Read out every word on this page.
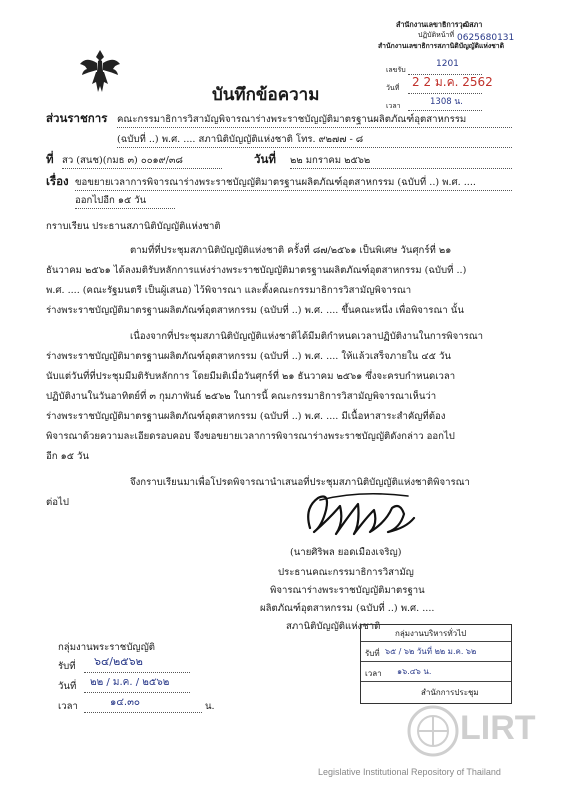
บันทึกข้อความ
สำนักงานเลขาธิการวุฒิสภา
ปฏิบัติหน้าที่
สำนักงานเลขาธิการสภานิติบัญญัติแห่งชาติ
0625680131
เลขรับ
1201
วันที่ 2 2 ม.ค. 2562
เวลา	1308 น.
ส่วนราชการ คณะกรรมาธิการวิสามัญพิจารณาร่างพระราชบัญญัติมาตรฐานผลิตภัณฑ์อุตสาหกรรม
(ฉบับที่ ..) พ.ศ. .... สภานิติบัญญัติแห่งชาติ โทร. ๙๒๗๗ - ๘
ที่ สว (สนช)(กมธ ๓) ๐๐๑๙/๓๘	วันที่ ๒๒ มกราคม ๒๕๖๒
เรื่อง ขอขยายเวลาการพิจารณาร่างพระราชบัญญัติมาตรฐานผลิตภัณฑ์อุตสาหกรรม (ฉบับที่ ..) พ.ศ. ....
ออกไปอีก ๑๕ วัน
กราบเรียน ประธานสภานิติบัญญัติแห่งชาติ
ตามที่ที่ประชุมสภานิติบัญญัติแห่งชาติ ครั้งที่ ๘๗/๒๕๖๑ เป็นพิเศษ วันศุกร์ที่ ๒๑
ธันวาคม ๒๕๖๑ ได้ลงมติรับหลักการแห่งร่างพระราชบัญญัติมาตรฐานผลิตภัณฑ์อุตสาหกรรม (ฉบับที่ ..)
พ.ศ. .... (คณะรัฐมนตรี เป็นผู้เสนอ) ไว้พิจารณา และตั้งคณะกรรมาธิการวิสามัญพิจารณา
ร่างพระราชบัญญัติมาตรฐานผลิตภัณฑ์อุตสาหกรรม (ฉบับที่ ..) พ.ศ. .... ขึ้นคณะหนึ่ง เพื่อพิจารณา นั้น
เนื่องจากที่ประชุมสภานิติบัญญัติแห่งชาติได้มีมติกำหนดเวลาปฏิบัติงานในการพิจารณา
ร่างพระราชบัญญัติมาตรฐานผลิตภัณฑ์อุตสาหกรรม (ฉบับที่ ..) พ.ศ. .... ให้แล้วเสร็จภายใน ๔๕ วัน
นับแต่วันที่ที่ประชุมมีมติรับหลักการ โดยมีมติเมื่อวันศุกร์ที่ ๒๑ ธันวาคม ๒๕๖๑ ซึ่งจะครบกำหนดเวลา
ปฏิบัติงานในวันอาทิตย์ที่ ๓ กุมภาพันธ์ ๒๕๖๒ ในการนี้ คณะกรรมาธิการวิสามัญพิจารณาเห็นว่า
ร่างพระราชบัญญัติมาตรฐานผลิตภัณฑ์อุตสาหกรรม (ฉบับที่ ..) พ.ศ. .... มีเนื้อหาสาระสำคัญที่ต้อง
พิจารณาด้วยความละเอียดรอบคอบ จึงขอขยายเวลาการพิจารณาร่างพระราชบัญญัติดังกล่าว ออกไป
อีก ๑๕ วัน
จึงกราบเรียนมาเพื่อโปรดพิจารณานำเสนอที่ประชุมสภานิติบัญญัติแห่งชาติพิจารณา
ต่อไป
(นายศิริพล ยอดเมืองเจริญ)
ประธานคณะกรรมาธิการวิสามัญ
พิจารณาร่างพระราชบัญญัติมาตรฐาน
ผลิตภัณฑ์อุตสาหกรรม (ฉบับที่ ..) พ.ศ. ....
สภานิติบัญญัติแห่งชาติ
กลุ่มงานพระราชบัญญัติ
รับที่ ๖๔/๒๕๖๒
วันที่ ๒๒ / ม.ค. / ๒๕๖๒
เวลา	๑๔.๓๐	น.
กลุ่มงานบริหารทั่วไป
รับที่ ๖๕ / ๖๒ วันที่ ๒๒ ม.ค. ๖๒
เวลา ๑๖.๔๖ น.
สำนักการประชุม
LIRT
Legislative Institutional Repository of Thailand
